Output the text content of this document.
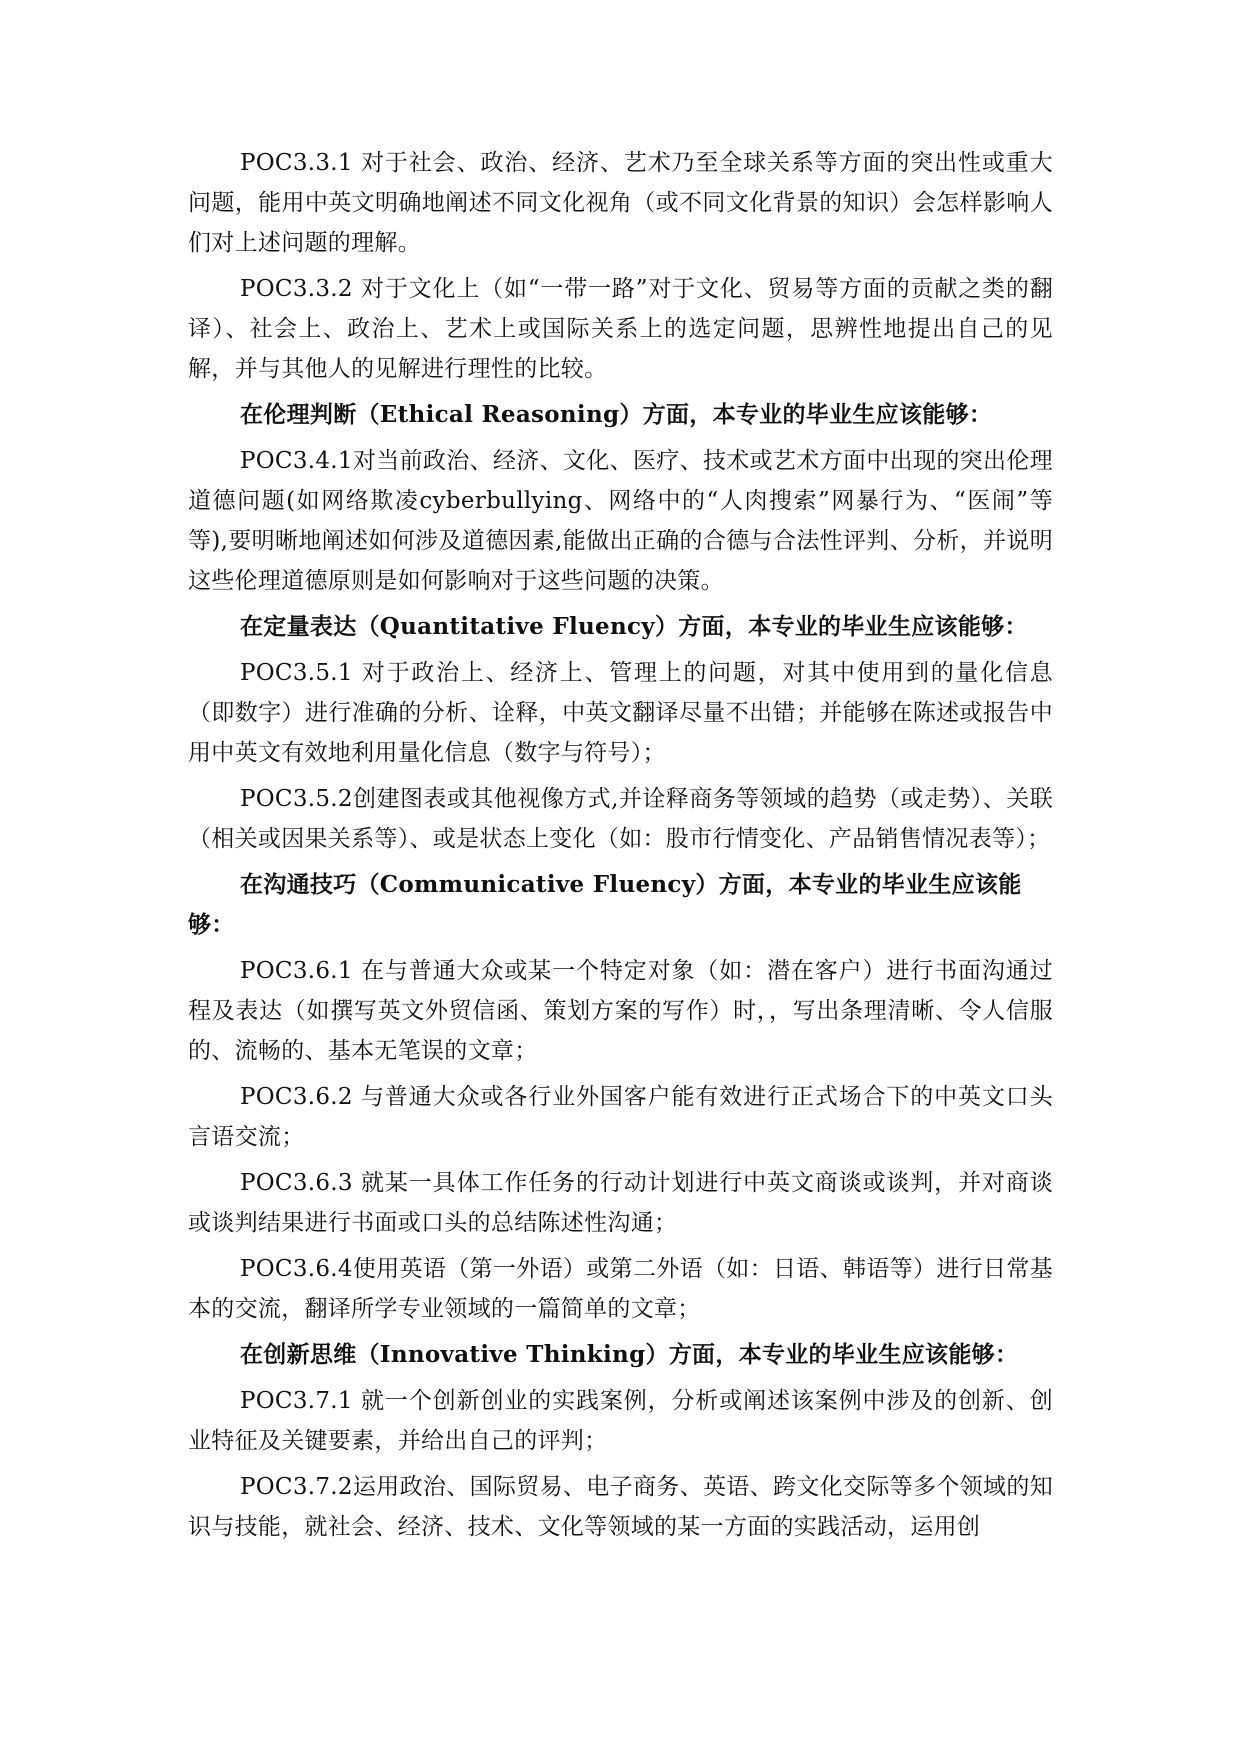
POC3.3.1 对于社会、政治、经济、艺术乃至全球关系等方面的突出性或重大问题，能用中英文明确地阐述不同文化视角（或不同文化背景的知识）会怎样影响人们对上述问题的理解。

POC3.3.2 对于文化上（如“一带一路”对于文化、贸易等方面的贡献之类的翻译）、社会上、政治上、艺术上或国际关系上的选定问题，思辨性地提出自己的见解，并与其他人的见解进行理性的比较。

在伦理判断（Ethical Reasoning）方面，本专业的毕业生应该能够：

POC3.4.1对当前政治、经济、文化、医疗、技术或艺术方面中出现的突出伦理道德问题(如网络欺凌cyberbullying、网络中的“人肉搜索”网暴行为、“医闹”等等),要明晰地阐述如何涉及道德因素,能做出正确的合德与合法性评判、分析，并说明这些伦理道德原则是如何影响对于这些问题的决策。

在定量表达（Quantitative Fluency）方面，本专业的毕业生应该能够：

POC3.5.1 对于政治上、经济上、管理上的问题，对其中使用到的量化信息（即数字）进行准确的分析、诠释，中英文翻译尽量不出错；并能够在陈述或报告中用中英文有效地利用量化信息（数字与符号）；

POC3.5.2创建图表或其他视像方式,并诠释商务等领域的趋势（或走势）、关联（相关或因果关系等）、或是状态上变化（如：股市行情变化、产品销售情况表等）；

在沟通技巧（Communicative Fluency）方面，本专业的毕业生应该能够：

POC3.6.1 在与普通大众或某一个特定对象（如：潜在客户）进行书面沟通过程及表达（如撰写英文外贸信函、策划方案的写作）时，，写出条理清晰、令人信服的、流畅的、基本无笔误的文章；

POC3.6.2 与普通大众或各行业外国客户能有效进行正式场合下的中英文口头言语交流；

POC3.6.3 就某一具体工作任务的行动计划进行中英文商谈或谈判，并对商谈或谈判结果进行书面或口头的总结陈述性沟通；

POC3.6.4使用英语（第一外语）或第二外语（如：日语、韩语等）进行日常基本的交流，翻译所学专业领域的一篇简单的文章；

在创新思维（Innovative Thinking）方面，本专业的毕业生应该能够：

POC3.7.1 就一个创新创业的实践案例，分析或阐述该案例中涉及的创新、创业特征及关键要素，并给出自己的评判；

POC3.7.2运用政治、国际贸易、电子商务、英语、跨文化交际等多个领域的知识与技能，就社会、经济、技术、文化等领域的某一方面的实践活动，运用创
